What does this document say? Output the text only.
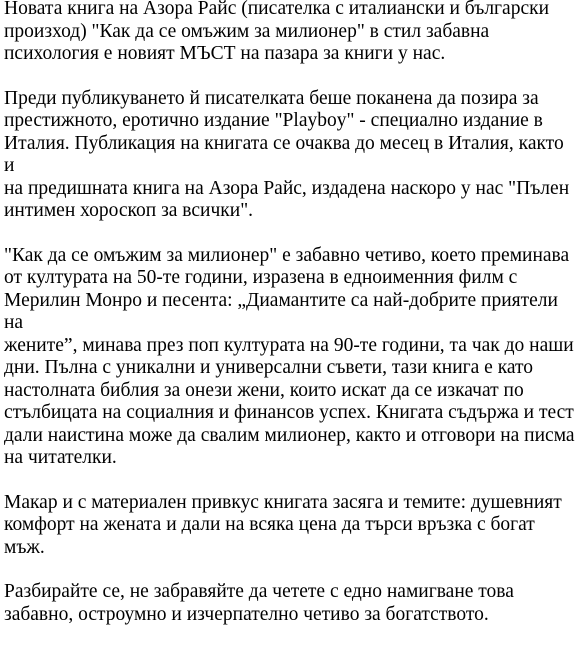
Новата книга на Азора Райс (писателка с италиански и български
произход) "Как да се омъжим за милионер" в стил забавна
психология е новият МЪСТ на пазара за книги у нас.

Преди публикуването й писателката беше поканена да позира за
престижното, еротично издание "Playboy" - специално издание в
Италия. Публикация на книгата се очаква до месец в Италия, както и
на предишната книга на Азора Райс, издадена наскоро у нас "Пълен
интимен хороскоп за всички".

"Как да се омъжим за милионер" е забавно четиво, което преминава
от културата на 50-те години, изразена в едноименния филм с
Мерилин Монро и песента: „Диамантите са най-добрите приятели на
жените”, минава през поп културата на 90-те години, та чак до наши
дни. Пълна с уникални и универсални съвети, тази книга е като
настолната библия за онези жени, които искат да се изкачат по
стълбицата на социалния и финансов успех. Книгата съдържа и тест
дали наистина може да свалим милионер, както и отговори на писма
на читателки.

Макар и с материален привкус книгата засяга и темите: душевният
комфорт на жената и дали на всяка цена да търси връзка с богат мъж.

Разбирайте се, не забравяйте да четете с едно намигване това
забавно, остроумно и изчерпателно четиво за богатството.
